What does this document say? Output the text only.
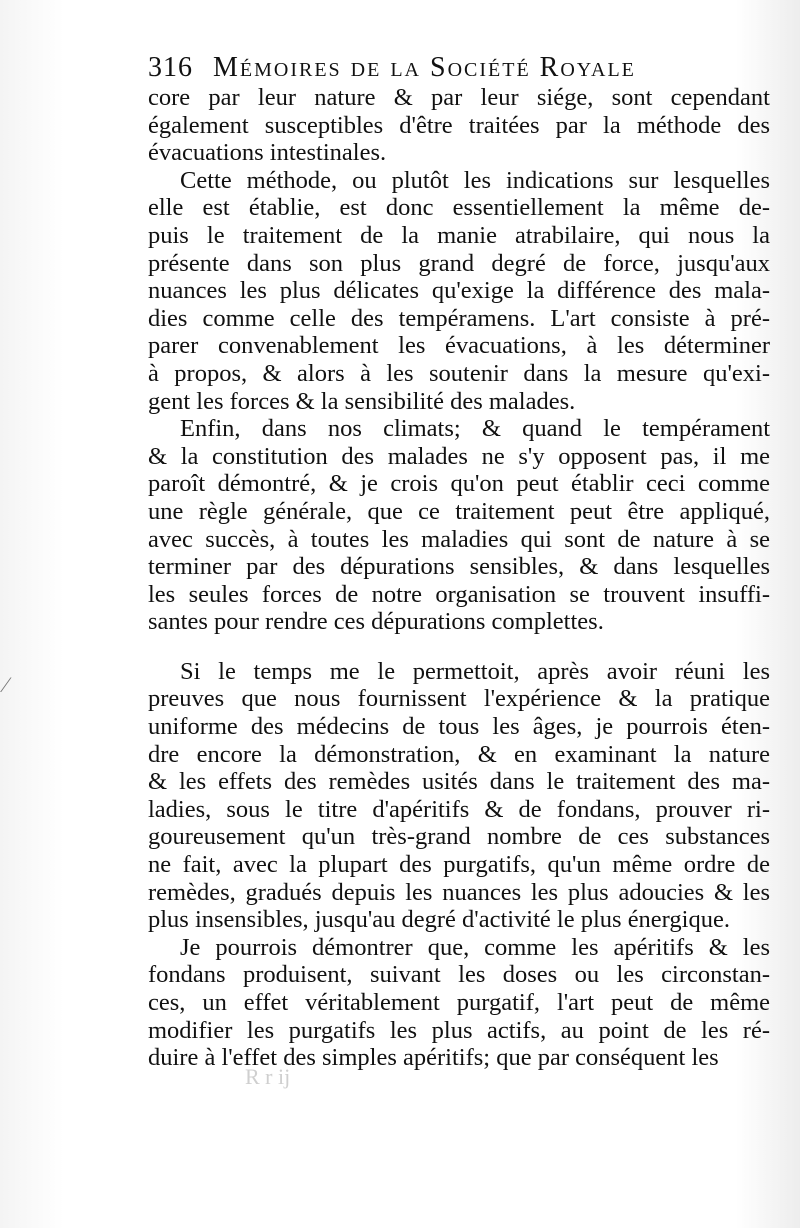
316 Mémoires de la Société Royale
core par leur nature & par leur siége, sont cependant
également susceptibles d'être traitées par la méthode des
évacuations intestinales.
Cette méthode, ou plutôt les indications sur lesquelles
elle est établie, est donc essentiellement la même de-
puis le traitement de la manie atrabilaire, qui nous la
présente dans son plus grand degré de force, jusqu'aux
nuances les plus délicates qu'exige la différence des mala-
dies comme celle des tempéramens. L'art consiste à pré-
parer convenablement les évacuations, à les déterminer
à propos, & alors à les soutenir dans la mesure qu'exi-
gent les forces & la sensibilité des malades.
Enfin, dans nos climats; & quand le tempérament
& la constitution des malades ne s'y opposent pas, il me
paroît démontré, & je crois qu'on peut établir ceci comme
une règle générale, que ce traitement peut être appliqué,
avec succès, à toutes les maladies qui sont de nature à se
terminer par des dépurations sensibles, & dans lesquelles
les seules forces de notre organisation se trouvent insuffi-
santes pour rendre ces dépurations complettes.
Si le temps me le permettoit, après avoir réuni les
preuves que nous fournissent l'expérience & la pratique
uniforme des médecins de tous les âges, je pourrois éten-
dre encore la démonstration, & en examinant la nature
& les effets des remèdes usités dans le traitement des ma-
ladies, sous le titre d'apéritifs & de fondans, prouver ri-
goureusement qu'un très-grand nombre de ces substances
ne fait, avec la plupart des purgatifs, qu'un même ordre de
remèdes, gradués depuis les nuances les plus adoucies & les
plus insensibles, jusqu'au degré d'activité le plus énergique.
Je pourrois démontrer que, comme les apéritifs & les
fondans produisent, suivant les doses ou les circonstan-
ces, un effet véritablement purgatif, l'art peut de même
modifier les purgatifs les plus actifs, au point de les ré-
duire à l'effet des simples apéritifs; que par conséquent les
R r ij
⁄
